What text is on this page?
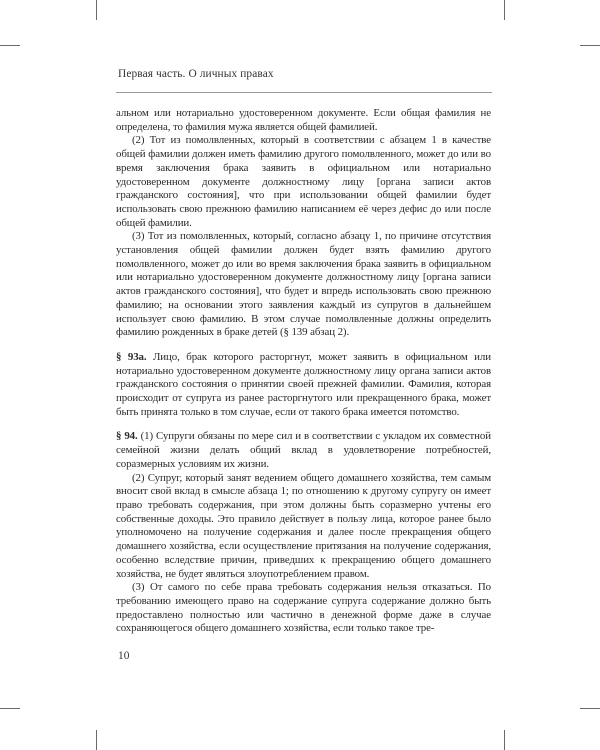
Первая часть. О личных правах

альном или нотариально удостоверенном документе. Если общая фамилия не определена, то фамилия мужа является общей фамилией.

(2) Тот из помолвленных, который в соответствии с абзацем 1 в качестве общей фамилии должен иметь фамилию другого помолвленного, может до или во время заключения брака заявить в официальном или нотариально удостоверенном документе должностному лицу [органа записи актов гражданского состояния], что при использовании общей фамилии будет использовать свою прежнюю фамилию написанием её через дефис до или после общей фамилии.

(3) Тот из помолвленных, который, согласно абзацу 1, по причине отсутствия установления общей фамилии должен будет взять фамилию другого помолвленного, может до или во время заключения брака заявить в официальном или нотариально удостоверенном документе должностному лицу [органа записи актов гражданского состояния], что будет и впредь использовать свою прежнюю фамилию; на основании этого заявления каждый из супругов в дальнейшем использует свою фамилию. В этом случае помолвленные должны определить фамилию рожденных в браке детей (§ 139 абзац 2).

§ 93а. Лицо, брак которого расторгнут, может заявить в официальном или нотариально удостоверенном документе должностному лицу органа записи актов гражданского состояния о принятии своей прежней фамилии. Фамилия, которая происходит от супруга из ранее расторгнутого или прекращенного брака, может быть принята только в том случае, если от такого брака имеется потомство.

§ 94. (1) Супруги обязаны по мере сил и в соответствии с укладом их совместной семейной жизни делать общий вклад в удовлетворение потребностей, соразмерных условиям их жизни.

(2) Супруг, который занят ведением общего домашнего хозяйства, тем самым вносит свой вклад в смысле абзаца 1; по отношению к другому супругу он имеет право требовать содержания, при этом должны быть соразмерно учтены его собственные доходы. Это правило действует в пользу лица, которое ранее было уполномочено на получение содержания и далее после прекращения общего домашнего хозяйства, если осуществление притязания на получение содержания, особенно вследствие причин, приведших к прекращению общего домашнего хозяйства, не будет являться злоупотреблением правом.

(3) От самого по себе права требовать содержания нельзя отказаться. По требованию имеющего право на содержание супруга содержание должно быть предоставлено полностью или частично в денежной форме даже в случае сохраняющегося общего домашнего хозяйства, если только такое тре-

10
